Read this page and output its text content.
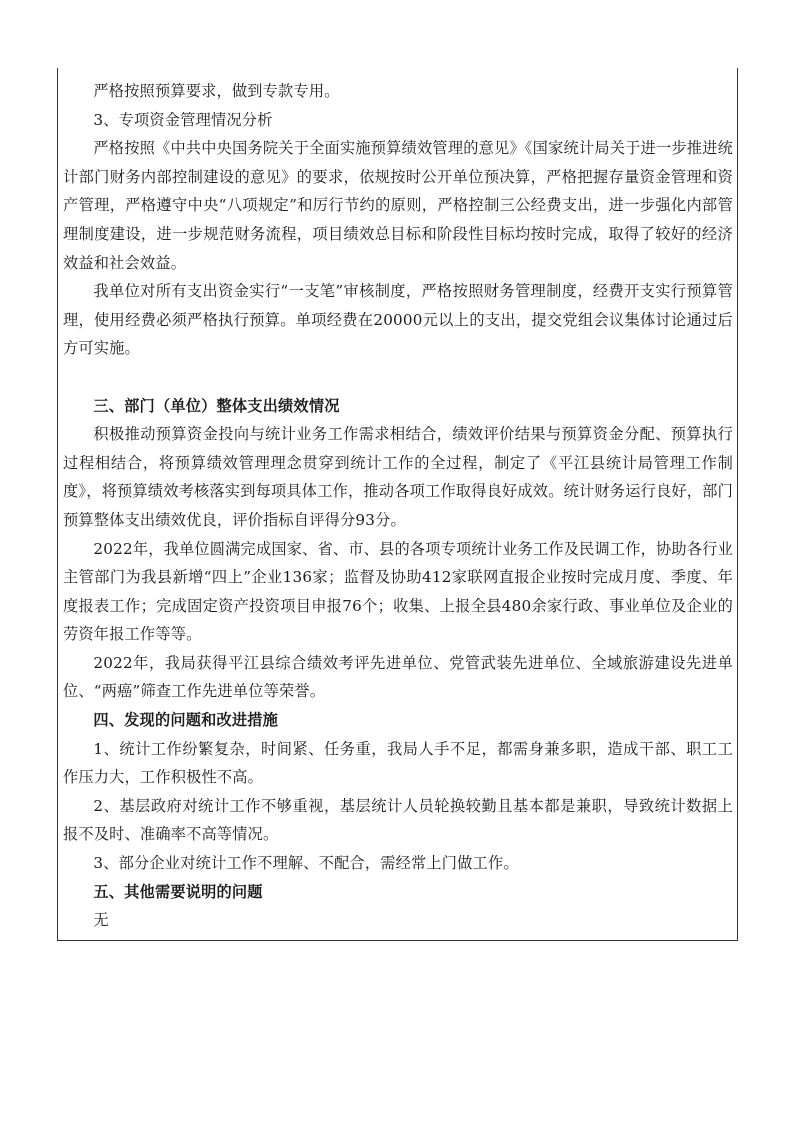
严格按照预算要求，做到专款专用。

3、专项资金管理情况分析

严格按照《中共中央国务院关于全面实施预算绩效管理的意见》《国家统计局关于进一步推进统计部门财务内部控制建设的意见》的要求，依规按时公开单位预决算，严格把握存量资金管理和资产管理，严格遵守中央“八项规定”和厉行节约的原则，严格控制三公经费支出，进一步强化内部管理制度建设，进一步规范财务流程，项目绩效总目标和阶段性目标均按时完成，取得了较好的经济效益和社会效益。

我单位对所有支出资金实行“一支笔”审核制度，严格按照财务管理制度，经费开支实行预算管理，使用经费必须严格执行预算。单项经费在20000元以上的支出，提交党组会议集体讨论通过后方可实施。

三、部门（单位）整体支出绩效情况

积极推动预算资金投向与统计业务工作需求相结合，绩效评价结果与预算资金分配、预算执行过程相结合，将预算绩效管理理念贯穿到统计工作的全过程，制定了《平江县统计局管理工作制度》，将预算绩效考核落实到每项具体工作，推动各项工作取得良好成效。统计财务运行良好，部门预算整体支出绩效优良，评价指标自评得分93分。

2022年，我单位圆满完成国家、省、市、县的各项专项统计业务工作及民调工作，协助各行业主管部门为我县新增“四上”企业136家；监督及协助412家联网直报企业按时完成月度、季度、年度报表工作；完成固定资产投资项目申报76个；收集、上报全县480余家行政、事业单位及企业的劳资年报工作等等。

2022年，我局获得平江县综合绩效考评先进单位、党管武装先进单位、全域旅游建设先进单位、“两癌”筛查工作先进单位等荣誉。

四、发现的问题和改进措施

1、统计工作纷繁复杂，时间紧、任务重，我局人手不足，都需身兼多职，造成干部、职工工作压力大，工作积极性不高。

2、基层政府对统计工作不够重视，基层统计人员轮换较勤且基本都是兼职，导致统计数据上报不及时、准确率不高等情况。

3、部分企业对统计工作不理解、不配合，需经常上门做工作。

五、其他需要说明的问题

无
